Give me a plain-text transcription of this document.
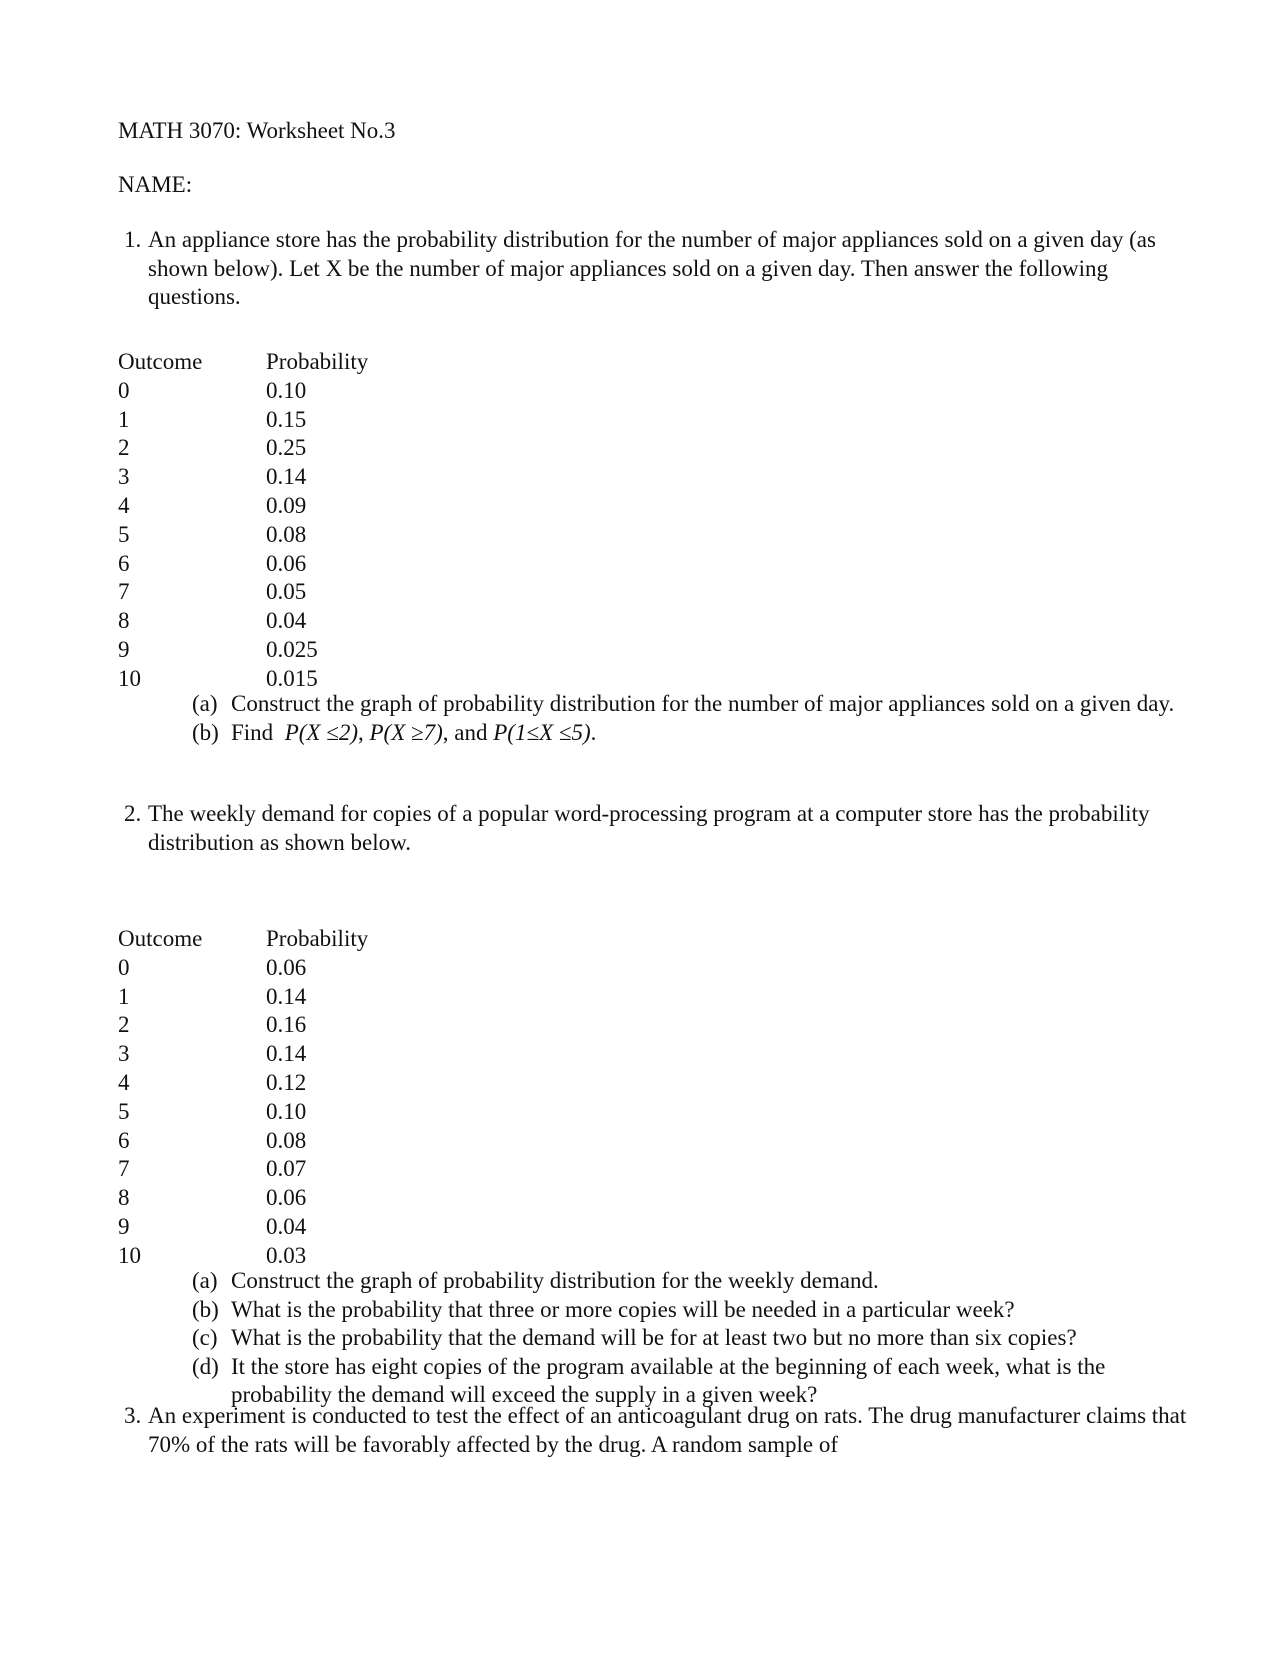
MATH 3070: Worksheet No.3

NAME:

1. An appliance store has the probability distribution for the number of major appliances sold on a given day (as shown below). Let X be the number of major appliances sold on a given day. Then answer the following questions.
Outcome	Probability
0	0.10
1	0.15
2	0.25
3	0.14
4	0.09
5	0.08
6	0.06
7	0.05
8	0.04
9	0.025
10	0.015
(a) Construct the graph of probability distribution for the number of major appliances sold on a given day.
(b) Find P(X ≤2), P(X ≥7), and P(1≤X ≤5).
2. The weekly demand for copies of a popular word-processing program at a computer store has the probability distribution as shown below.
Outcome	Probability
0	0.06
1	0.14
2	0.16
3	0.14
4	0.12
5	0.10
6	0.08
7	0.07
8	0.06
9	0.04
10	0.03
(a) Construct the graph of probability distribution for the weekly demand.
(b) What is the probability that three or more copies will be needed in a particular week?
(c) What is the probability that the demand will be for at least two but no more than six copies?
(d) It the store has eight copies of the program available at the beginning of each week, what is the probability the demand will exceed the supply in a given week?
3. An experiment is conducted to test the effect of an anticoagulant drug on rats. The drug manufacturer claims that 70% of the rats will be favorably affected by the drug. A random sample of
